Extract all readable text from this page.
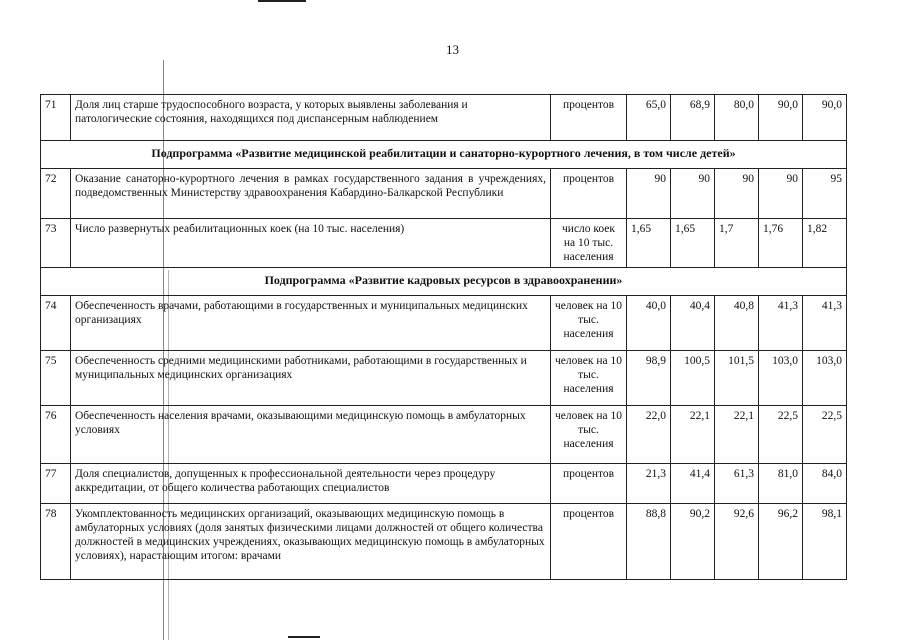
13
71	Доля лиц старше трудоспособного возраста, у которых выявлены заболевания и патологические состояния, находящихся под диспансерным наблюдением	процентов	65,0	68,9	80,0	90,0	90,0
Подпрограмма «Развитие медицинской реабилитации и санаторно-курортного лечения, в том числе детей»							
72	Оказание санаторно-курортного лечения в рамках государственного задания в учреждениях, подведомственных Министерству здравоохранения Кабардино-Балкарской Республики	процентов	90	90	90	90	95
73	Число развернутых реабилитационных коек (на 10 тыс. населения)	число коек на 10 тыс. населения	1,65	1,65	1,7	1,76	1,82
Подпрограмма «Развитие кадровых ресурсов в здравоохранении»							
74	Обеспеченность врачами, работающими в государственных и муниципальных медицинских организациях	человек на 10 тыс. населения	40,0	40,4	40,8	41,3	41,3
75	Обеспеченность средними медицинскими работниками, работающими в государственных и муниципальных медицинских организациях	человек на 10 тыс. населения	98,9	100,5	101,5	103,0	103,0
76	Обеспеченность населения врачами, оказывающими медицинскую помощь в амбулаторных условиях	человек на 10 тыс. населения	22,0	22,1	22,1	22,5	22,5
77	Доля специалистов, допущенных к профессиональной деятельности через процедуру аккредитации, от общего количества работающих специалистов	процентов	21,3	41,4	61,3	81,0	84,0
78	Укомплектованность медицинских организаций, оказывающих медицинскую помощь в амбулаторных условиях (доля занятых физическими лицами должностей от общего количества должностей в медицинских учреждениях, оказывающих медицинскую помощь в амбулаторных условиях), нарастающим итогом: врачами	процентов	88,8	90,2	92,6	96,2	98,1
